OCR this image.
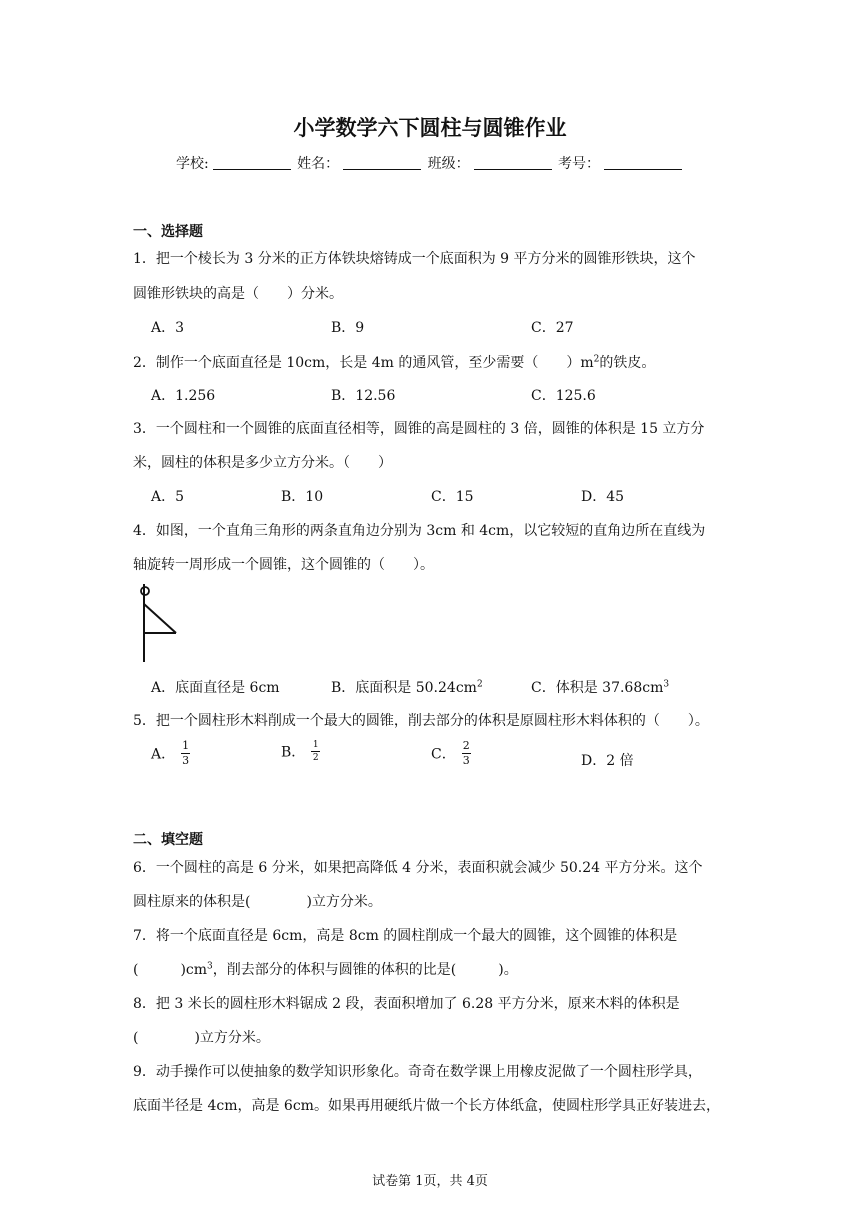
小学数学六下圆柱与圆锥作业
学校:	姓名：	班级：	考号：
一、选择题
1．把一个棱长为 3 分米的正方体铁块熔铸成一个底面积为 9 平方分米的圆锥形铁块，这个
圆锥形铁块的高是（　　）分米。
A．3	B．9	C．27
2．制作一个底面直径是 10cm，长是 4m 的通风管，至少需要（　　）$m^2$的铁皮。
A．1.256	B．12.56	C．125.6
3．一个圆柱和一个圆锥的底面直径相等，圆锥的高是圆柱的 3 倍，圆锥的体积是 15 立方分
米，圆柱的体积是多少立方分米。（　　）
A．5	B．10	C．15	D．45
4．如图，一个直角三角形的两条直角边分别为 3cm 和 4cm，以它较短的直角边所在直线为
轴旋转一周形成一个圆锥，这个圆锥的（　　）。
A．底面直径是 6cm	B．底面积是 $50.24cm^2$	C．体积是 $37.68cm^3$
5．把一个圆柱形木料削成一个最大的圆锥，削去部分的体积是原圆柱形木料体积的（　　）。
A． $\frac{1}{3}$	B． $\frac{1}{2}$	C． $\frac{2}{3}$	D．2 倍
二、填空题
6．一个圆柱的高是 6 分米，如果把高降低 4 分米，表面积就会减少 50.24 平方分米。这个
圆柱原来的体积是(　　　　)立方分米。
7．将一个底面直径是 6cm，高是 8cm 的圆柱削成一个最大的圆锥，这个圆锥的体积是
(　　　)$cm^3$，削去部分的体积与圆锥的体积的比是(　　　)。
8．把 3 米长的圆柱形木料锯成 2 段，表面积增加了 6.28 平方分米，原来木料的体积是
(　　　　)立方分米。
9．动手操作可以使抽象的数学知识形象化。奇奇在数学课上用橡皮泥做了一个圆柱形学具，
底面半径是 4cm，高是 6cm。如果再用硬纸片做一个长方体纸盒，使圆柱形学具正好装进去，
试卷第 1页，共 4页
